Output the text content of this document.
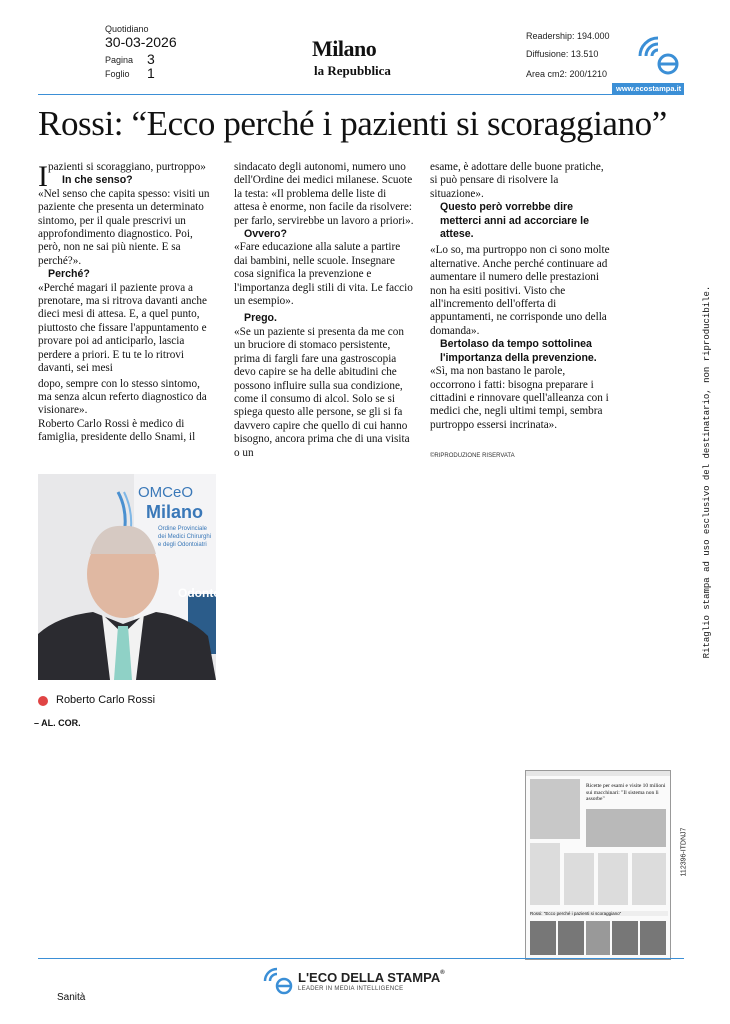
Quotidiano
30-03-2026
Pagina 3
Foglio 1
Milano
la Repubblica
Readership: 194.000
Diffusione: 13.510
Area cm2: 200/1210
www.ecostampa.it
Rossi: “Ecco perché i pazienti si scoraggiano”
I pazienti si scoraggiano, purtroppo»

In che senso?

«Nel senso che capita spesso: visiti un paziente che presenta un determinato sintomo, per il quale prescrivi un approfondimento diagnostico. Poi, però, non ne sai più niente. E sa perché?».

Perché?

«Perché magari il paziente prova a prenotare, ma si ritrova davanti anche dieci mesi di attesa. E, a quel punto, piuttosto che fissare l'appuntamento e provare poi ad anticiparlo, lascia perdere a priori. E tu te lo ritrovi davanti, sei mesi

dopo, sempre con lo stesso sintomo, ma senza alcun referto diagnostico da visionare».

Roberto Carlo Rossi è medico di famiglia, presidente dello Snami, il

sindacato degli autonomi, numero uno dell'Ordine dei medici milanese. Scuote la testa: «Il problema delle liste di attesa è enorme, non facile da risolvere: per farlo, servirebbe un lavoro a priori».

Ovvero?

«Fare educazione alla salute a partire dai bambini, nelle scuole. Insegnare cosa significa la prevenzione e l'importanza degli stili di vita. Le faccio un esempio».

Prego.

«Se un paziente si presenta da me con un bruciore di stomaco persistente, prima di fargli fare una gastroscopia devo capire se ha delle abitudini che possono influire sulla sua condizione, come il consumo di alcol. Solo se si spiega questo alle persone, se gli si fa davvero capire che quello di cui hanno bisogno, ancora prima che di una visita o un

esame, è adottare delle buone pratiche, si può pensare di risolvere la situazione».

Questo però vorrebbe dire metterci anni ad accorciare le attese.

«Lo so, ma purtroppo non ci sono molte alternative. Anche perché continuare ad aumentare il numero delle prestazioni non ha esiti positivi. Visto che all'incremento dell'offerta di appuntamenti, ne corrisponde uno della domanda».

Bertolaso da tempo sottolinea l'importanza della prevenzione.

«Sì, ma non bastano le parole, occorrono i fatti: bisogna preparare i cittadini e rinnovare quell'alleanza con i medici che, negli ultimi tempi, sembra purtroppo essersi incrinata».

©RIPRODUZIONE RISERVATA

OMCeO
Milano
Ordine Provinciale
dei Medici Chirurghi
e degli Odontoiatri
Odontoi
Roberto Carlo Rossi
– AL. COR.
Ricette per esami e visite 10 milioni sui macchinari: "Il sistema non li assorbe"
Rossi: "Ecco perché i pazienti si scoraggiano"
Ritaglio stampa ad uso esclusivo del destinatario, non riproducibile.
112396-ITDNJ7
L'ECO DELLA STAMPA®
LEADER IN MEDIA INTELLIGENCE
Sanità
